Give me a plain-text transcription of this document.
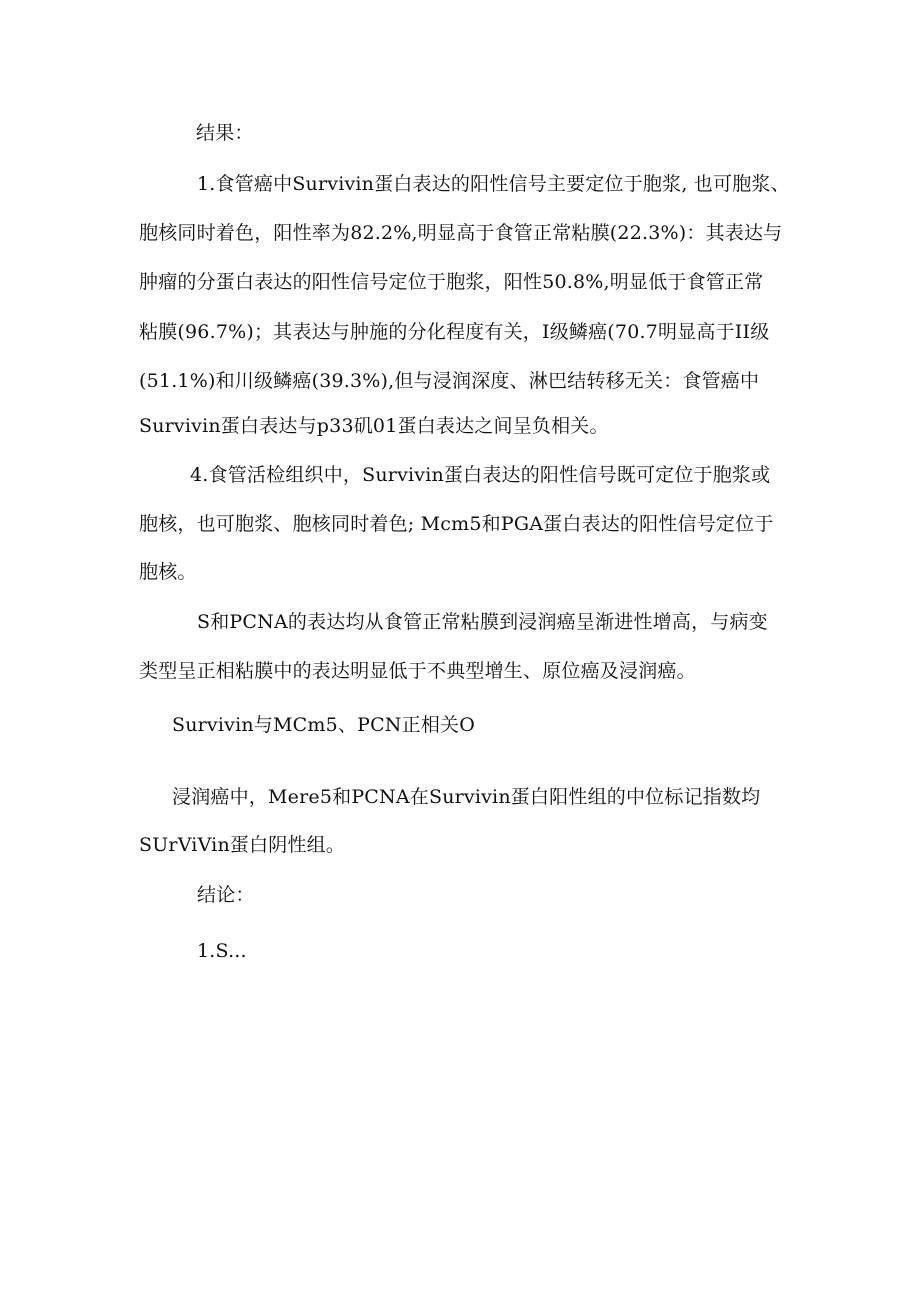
结果：
1.食管癌中Survivin蛋白表达的阳性信号主要定位于胞浆, 也可胞浆、
胞核同时着色，阳性率为82.2%,明显高于食管正常粘膜(22.3%)：其表达与
肿瘤的分蛋白表达的阳性信号定位于胞浆，阳性50.8%,明显低于食管正常
粘膜(96.7%)；其表达与肿施的分化程度有关，I级鳞癌(70.7明显高于II级
(51.1%)和川级鳞癌(39.3%),但与浸润深度、淋巴结转移无关：食管癌中
Survivin蛋白表达与p33矶01蛋白表达之间呈负相关。
4.食管活检组织中，Survivin蛋白表达的阳性信号既可定位于胞浆或
胞核，也可胞浆、胞核同时着色; Mcm5和PGA蛋白表达的阳性信号定位于
胞核。
S和PCNA的表达均从食管正常粘膜到浸润癌呈渐进性增高，与病变
类型呈正相粘膜中的表达明显低于不典型增生、原位癌及浸润癌。
Survivin与MCm5、PCN正相关O
浸润癌中，Mere5和PCNA在Survivin蛋白阳性组的中位标记指数均
SUrViVin蛋白阴性组。
结论：
1.S...
